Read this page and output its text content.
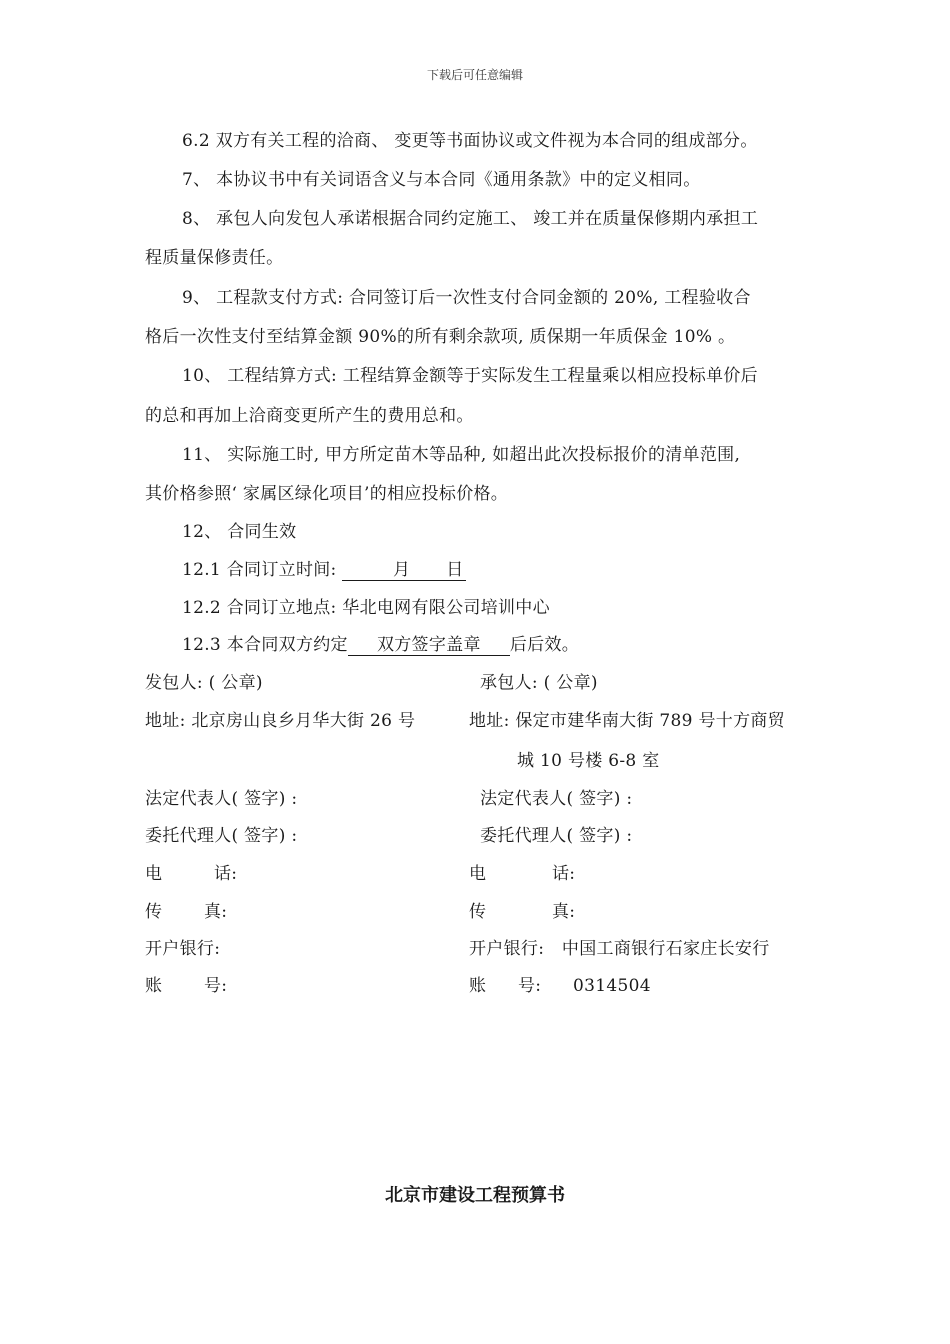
下载后可任意编辑
6.2 双方有关工程的洽商、 变更等书面协议或文件视为本合同的组成部分。
7、 本协议书中有关词语含义与本合同《通用条款》中的定义相同。
8、 承包人向发包人承诺根据合同约定施工、 竣工并在质量保修期内承担工
程质量保修责任。
9、 工程款支付方式: 合同签订后一次性支付合同金额的 20%, 工程验收合
格后一次性支付至结算金额 90%的所有剩余款项, 质保期一年质保金 10% 。
10、 工程结算方式: 工程结算金额等于实际发生工程量乘以相应投标单价后
的总和再加上洽商变更所产生的费用总和。
11、 实际施工时, 甲方所定苗木等品种, 如超出此次投标报价的清单范围,
其价格参照‘ 家属区绿化项目’的相应投标价格。
12、 合同生效
12.1 合同订立时间:	月 日
12.2 合同订立地点: 华北电网有限公司培训中心
12.3 本合同双方约定 双方签字盖章 后后效。
发包人: ( 公章)	承包人: ( 公章)
地址: 北京房山良乡月华大街 26 号	地址: 保定市建华南大街 789 号十方商贸
城 10 号楼 6-8 室
法定代表人( 签字) :	法定代表人( 签字) :
委托代理人( 签字) :	委托代理人( 签字) :
电 话:	电 话:
传 真:	传 真:
开户银行:	开户银行: 中国工商银行石家庄长安行
账 号:	账 号: 0314504
北京市建设工程预算书
